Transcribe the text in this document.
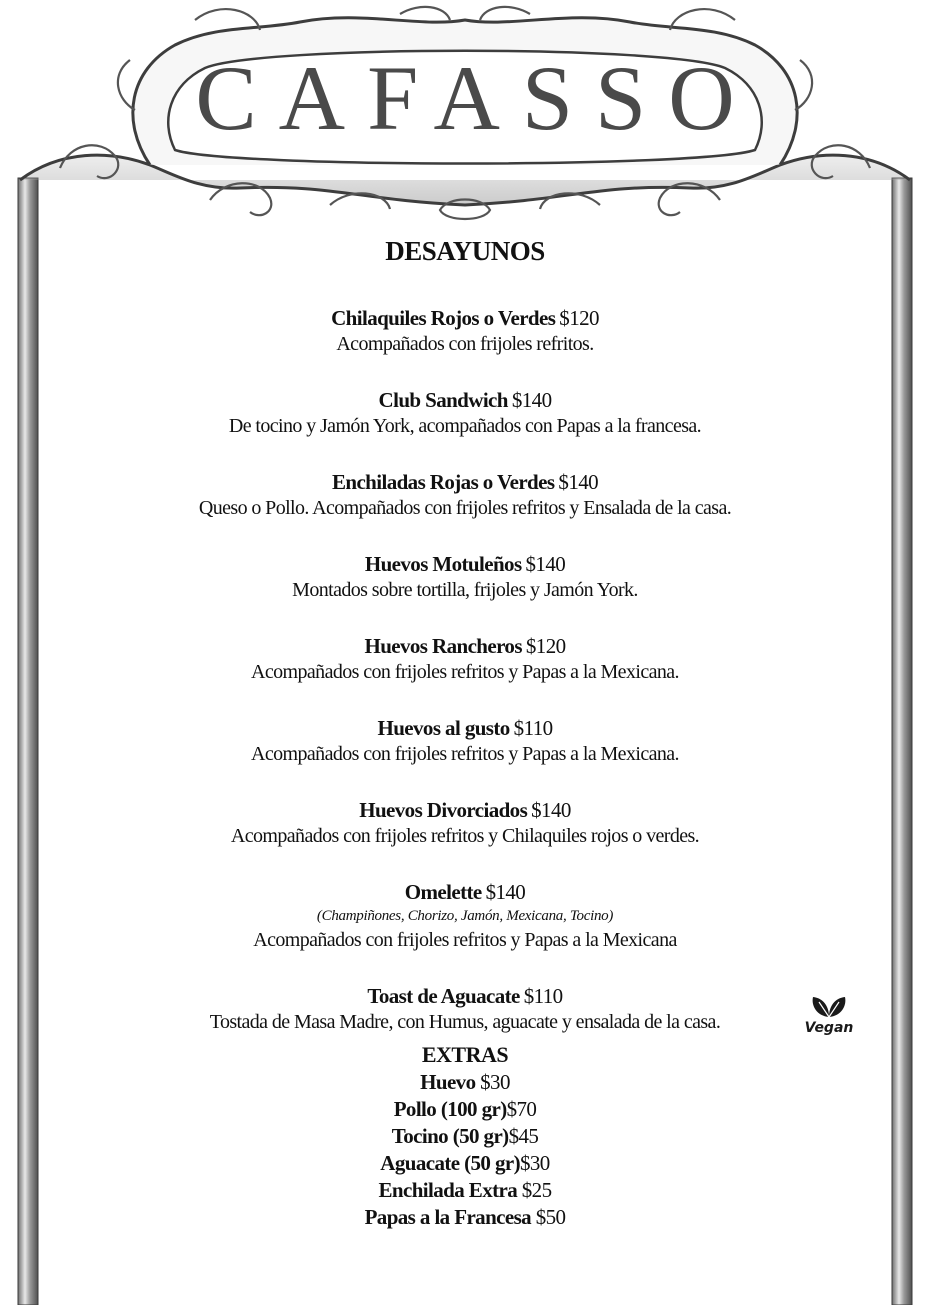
CAFASSO
DESAYUNOS
Chilaquiles Rojos o Verdes $120
Acompañados con frijoles refritos.
Club Sandwich $140
De tocino y Jamón York, acompañados con Papas a la francesa.
Enchiladas Rojas o Verdes $140
Queso o Pollo. Acompañados con frijoles refritos y Ensalada de la casa.
Huevos Motuleños $140
Montados sobre tortilla, frijoles y Jamón York.
Huevos Rancheros $120
Acompañados con frijoles refritos y Papas a la Mexicana.
Huevos al gusto $110
Acompañados con frijoles refritos y Papas a la Mexicana.
Huevos Divorciados $140
Acompañados con frijoles refritos y Chilaquiles rojos o verdes.
Omelette $140
(Champiñones, Chorizo, Jamón, Mexicana, Tocino)
Acompañados con frijoles refritos y Papas a la Mexicana
Toast de Aguacate $110
Tostada de Masa Madre, con Humus, aguacate y ensalada de la casa.
EXTRAS
Huevo $30
Pollo (100 gr)$70
Tocino (50 gr)$45
Aguacate (50 gr)$30
Enchilada Extra $25
Papas a la Francesa $50
Vegan
